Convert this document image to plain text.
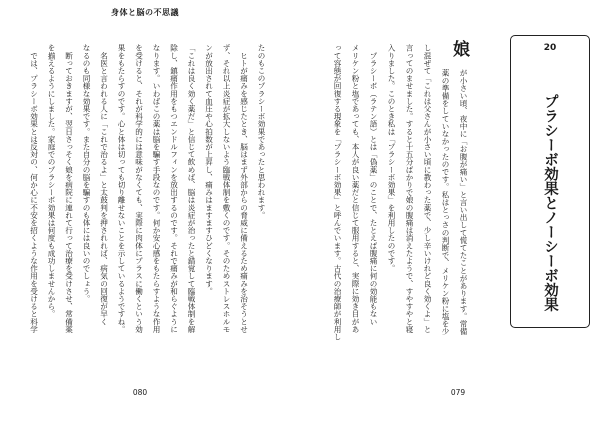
身体と脳の不思議
たのもこのプラシーボ効果であったと思われます。
　ヒトが痛みを感じたとき、脳はまず外部からの脅威に備えるため痛みを治そうとせ
ず、それ以上炎症が拡大しないよう臨戦体制を敷くのです。そのためストレスホルモ
ンが放出されて血圧や心拍数が上昇し、痛みはますますひどくなります。
「これは良く効く薬だ」と信じて飲めば、脳は炎症が治ったと錯覚して臨戦体制を解
除し、鎮痛作用をもつエンドルフィンを放出するのです。それで痛みが和らぐように
なります。いわばこの薬は脳を騙す手段なのです。何か安心感をもたらすような作用
を受けると、それが科学的には意味がなくても、実際に肉体にプラスに働くという効
果をもたらすのです。心と体は切っても切り離せないことを示しているようですね。
　名医と言われる人に「これで治るよ」と太鼓判を押されれば、病気の回復が早く
なるのも同様な効果です。また自分の脳を騙すのも体には良いのでしょう。
　断っておきますが、翌日さっそく娘を病院に連れて行って治療を受けさせ、常備薬
を揃えるようにしました。家庭でのプラシーボ効果は何度も成功しませんから。
　では、プラシーボ効果とは反対の、何か心に不安を招くような作用を受けると科学
080
20
プラシーボ効果とノーシーボ効果
娘
が小さい頃、夜中に「お腹が痛い」と言い出して慌てたことがあります。常備
薬の準備をしていなかったのです。私はとっさの判断で、メリケン粉に塩を少
し混ぜて「これは父さんが小さい頃に教わった薬で、少し辛いけれど良く効くよ」と
言ってのませました。すると十五分ばかりで娘の腹痛は消えたようで、すやすやと寝
入りました。このとき私は「プラシーボ効果」を利用したのです。
　プラシーボ（ラテン語）とは「偽薬」のことで、たとえば腹痛に何の効能もない
メリケン粉と塩であっても、本人が良い薬だと信じて服用すると、実際に効き目があ
って容態が回復する現象を「プラシーボ効果」と呼んでいます。古代の治療師が利用し
079
